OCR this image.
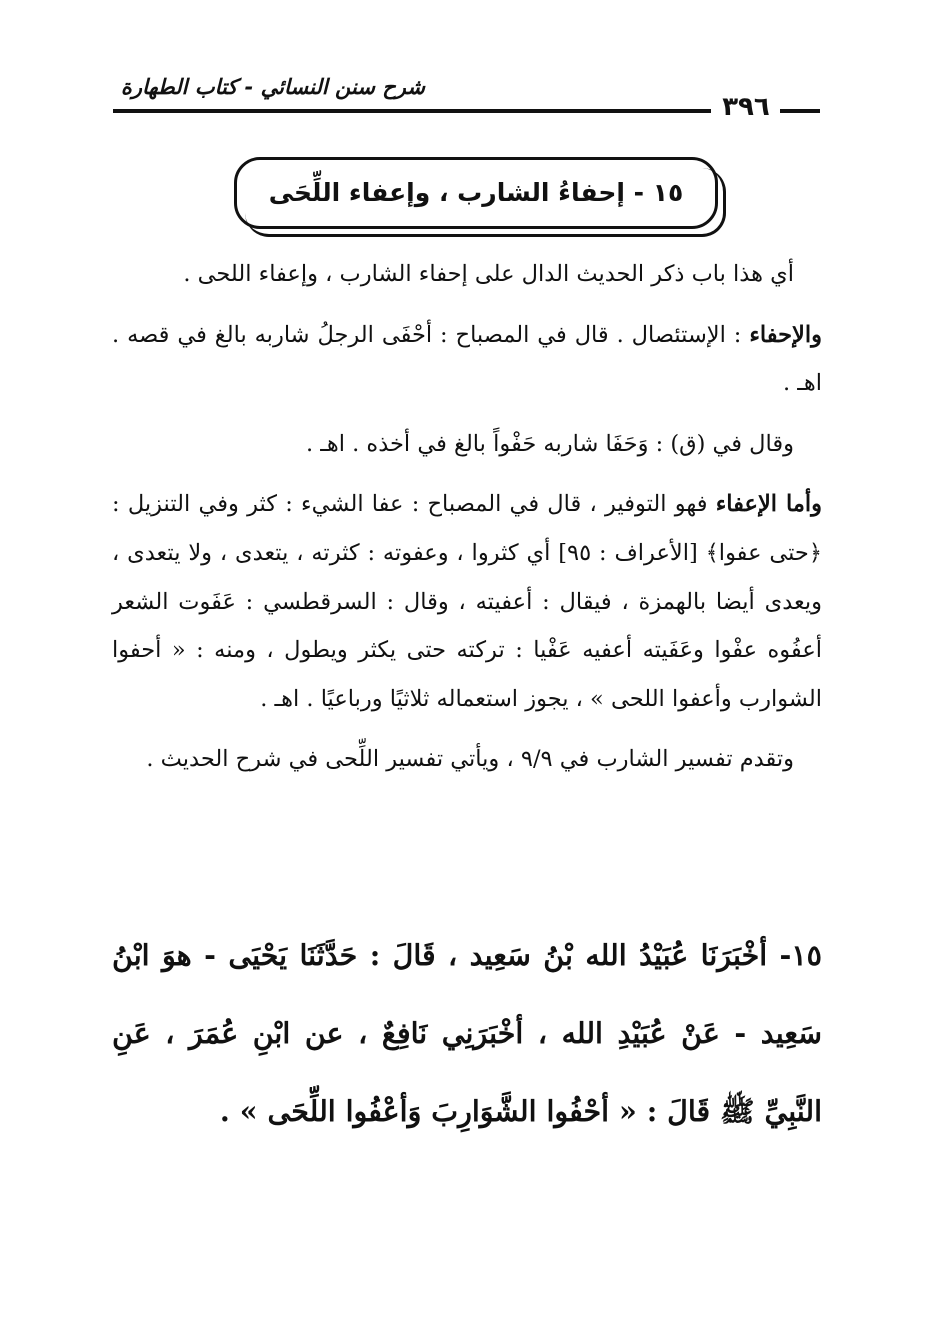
شرح سنن النسائي - كتاب الطهارة
٣٩٦
١٥ - إحفاءُ الشارب ، وإعفاء اللِّحَى

أي هذا باب ذكر الحديث الدال على إحفاء الشارب ، وإعفاء اللحى .

والإحفاء : الإستئصال . قال في المصباح : أحْفَى الرجلُ شاربه بالغ في قصه . اهـ .

وقال في (ق) : وَحَفَا شاربه حَفْواً بالغ في أخذه . اهـ .

وأما الإعفاء فهو التوفير ، قال في المصباح : عفا الشيء : كثر وفي التنزيل : ﴿حتى عفوا﴾ [الأعراف : ٩٥] أي كثروا ، وعفوته : كثرته ، يتعدى ، ولا يتعدى ، ويعدى أيضا بالهمزة ، فيقال : أعفيته ، وقال : السرقطسي : عَفَوت الشعر أعفُوه عفْوا وعَفَيته أعفيه عَفْيا : تركته حتى يكثر ويطول ، ومنه : « أحفوا الشوارب وأعفوا اللحى » ، يجوز استعماله ثلاثيًا ورباعيًا . اهـ .

وتقدم تفسير الشارب في ٩/٩ ، ويأتي تفسير اللِّحى في شرح الحديث .

١٥- أخْبَرَنَا عُبَيْدُ الله بْنُ سَعِيد ، قَالَ : حَدَّثَنَا يَحْيَى - هوَ ابْنُ سَعِيد - عَنْ عُبَيْدِ الله ، أخْبَرَنِي نَافِعٌ ، عن ابْنِ عُمَرَ ، عَنِ النَّبِيِّ ﷺ قَالَ : « أحْفُوا الشَّوَارِبَ وَأعْفُوا اللِّحَى » .
